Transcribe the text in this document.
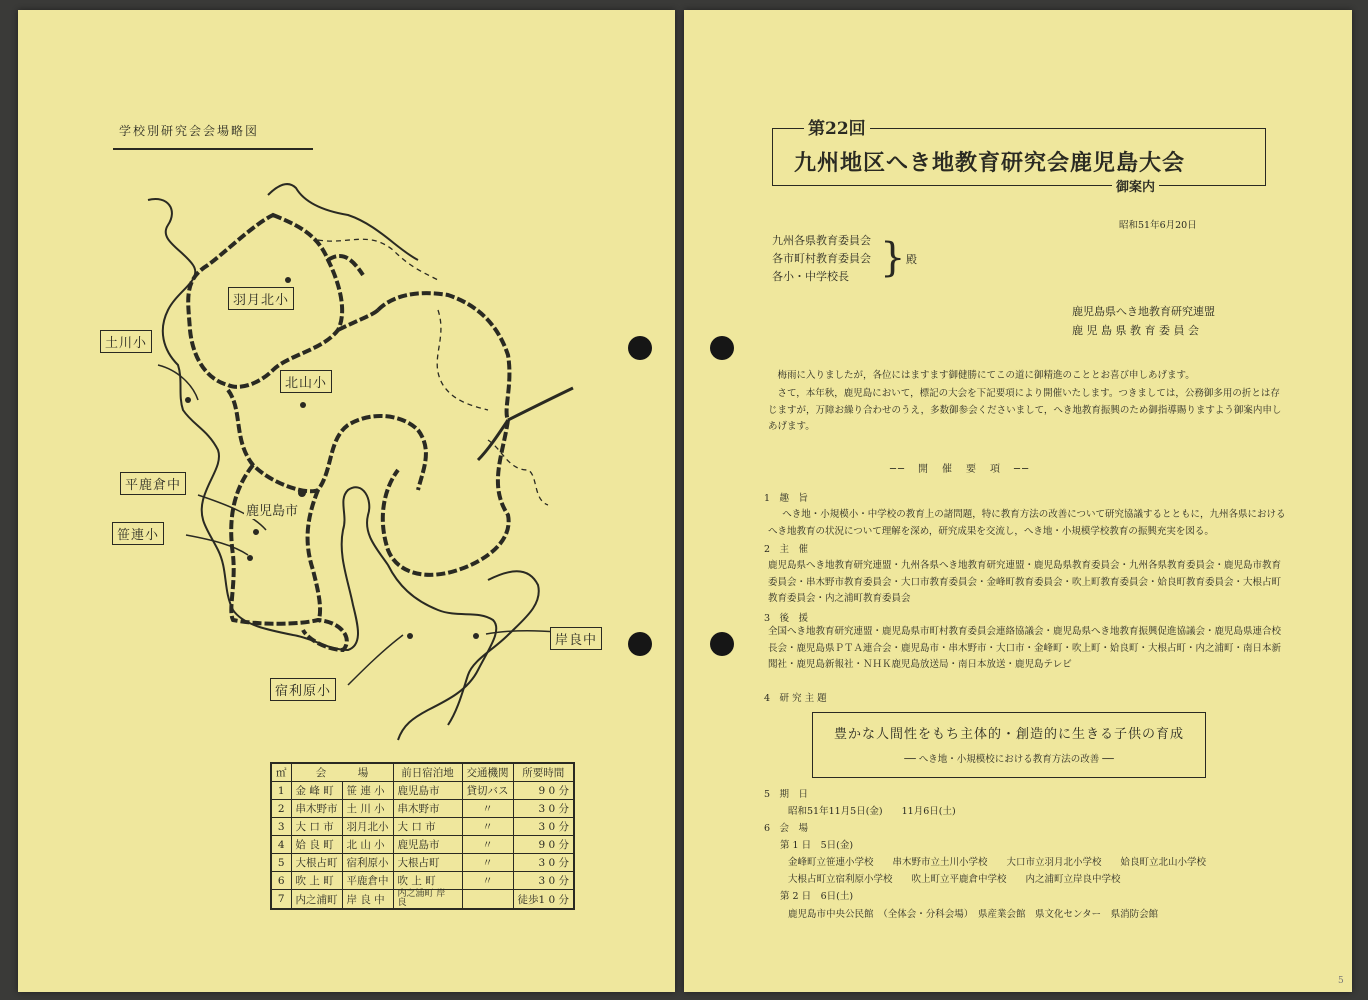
学校別研究会会場略図
羽月北小
土川小
北山小
平鹿倉中
笹連小
鹿児島市
岸良中
宿利原小
㎡	会　　　場		前日宿泊地	交通機関	所要時間
1	金 峰 町	笹 連 小	鹿児島市	貸切バス	9 0 分
2	串木野市	土 川 小	串木野市	〃	3 0 分
3	大 口 市	羽月北小	大 口 市	〃	3 0 分
4	姶 良 町	北 山 小	鹿児島市	〃	9 0 分
5	大根占町	宿利原小	大根占町	〃	3 0 分
6	吹 上 町	平鹿倉中	吹 上 町	〃	3 0 分
7	内之浦町	岸 良 中	内之浦町 岸　　良		徒歩1 0 分
第22回
九州地区へき地教育研究会鹿児島大会
御案内
昭和51年6月20日
九州各県教育委員会
各市町村教育委員会
各小・中学校長 } 殿
鹿児島県へき地教育研究連盟
鹿 児 島 県 教 育 委 員 会
梅雨に入りましたが，各位にはますます御健勝にてこの道に御精進のこととお喜び申しあげます。
さて，本年秋，鹿児島において，標記の大会を下記要項により開催いたします。つきましては，公務御多用の折とは存じますが，万障お繰り合わせのうえ，多数御参会くださいまして，へき地教育振興のため御指導賜りますよう御案内申しあげます。
──　開　催　要　項　──
1　趣　旨
へき地・小規模小・中学校の教育上の諸問題，特に教育方法の改善について研究協議するとともに，九州各県における へき地教育の状況について理解を深め，研究成果を交流し，へき地・小規模学校教育の振興充実を図る。
2　主　催
鹿児島県へき地教育研究連盟・九州各県へき地教育研究連盟・鹿児島県教育委員会・九州各県教育委員会・鹿児島市教育委員会・串木野市教育委員会・大口市教育委員会・金峰町教育委員会・吹上町教育委員会・姶良町教育委員会・大根占町教育委員会・内之浦町教育委員会
3　後　援
全国へき地教育研究連盟・鹿児島県市町村教育委員会連絡協議会・鹿児島県へき地教育振興促進協議会・鹿児島県連合校長会・鹿児島県ＰＴＡ連合会・鹿児島市・串木野市・大口市・金峰町・吹上町・姶良町・大根占町・内之浦町・南日本新聞社・鹿児島新報社・ＮＨＫ鹿児島放送局・南日本放送・鹿児島テレビ
4　研 究 主 題
豊かな人間性をもち主体的・創造的に生きる子供の育成
── へき地・小規模校における教育方法の改善 ──
5　期　日
昭和51年11月5日(金)　　11月6日(土)
6　会　場
第 1 日　5日(金)
金峰町立笹連小学校　　串木野市立土川小学校　　大口市立羽月北小学校　　姶良町立北山小学校
大根占町立宿利原小学校　　吹上町立平鹿倉中学校　　内之浦町立岸良中学校
第 2 日　6日(土)
鹿児島市中央公民館　（全体会・分科会場）　県産業会館　県文化センター　県消防会館
5
